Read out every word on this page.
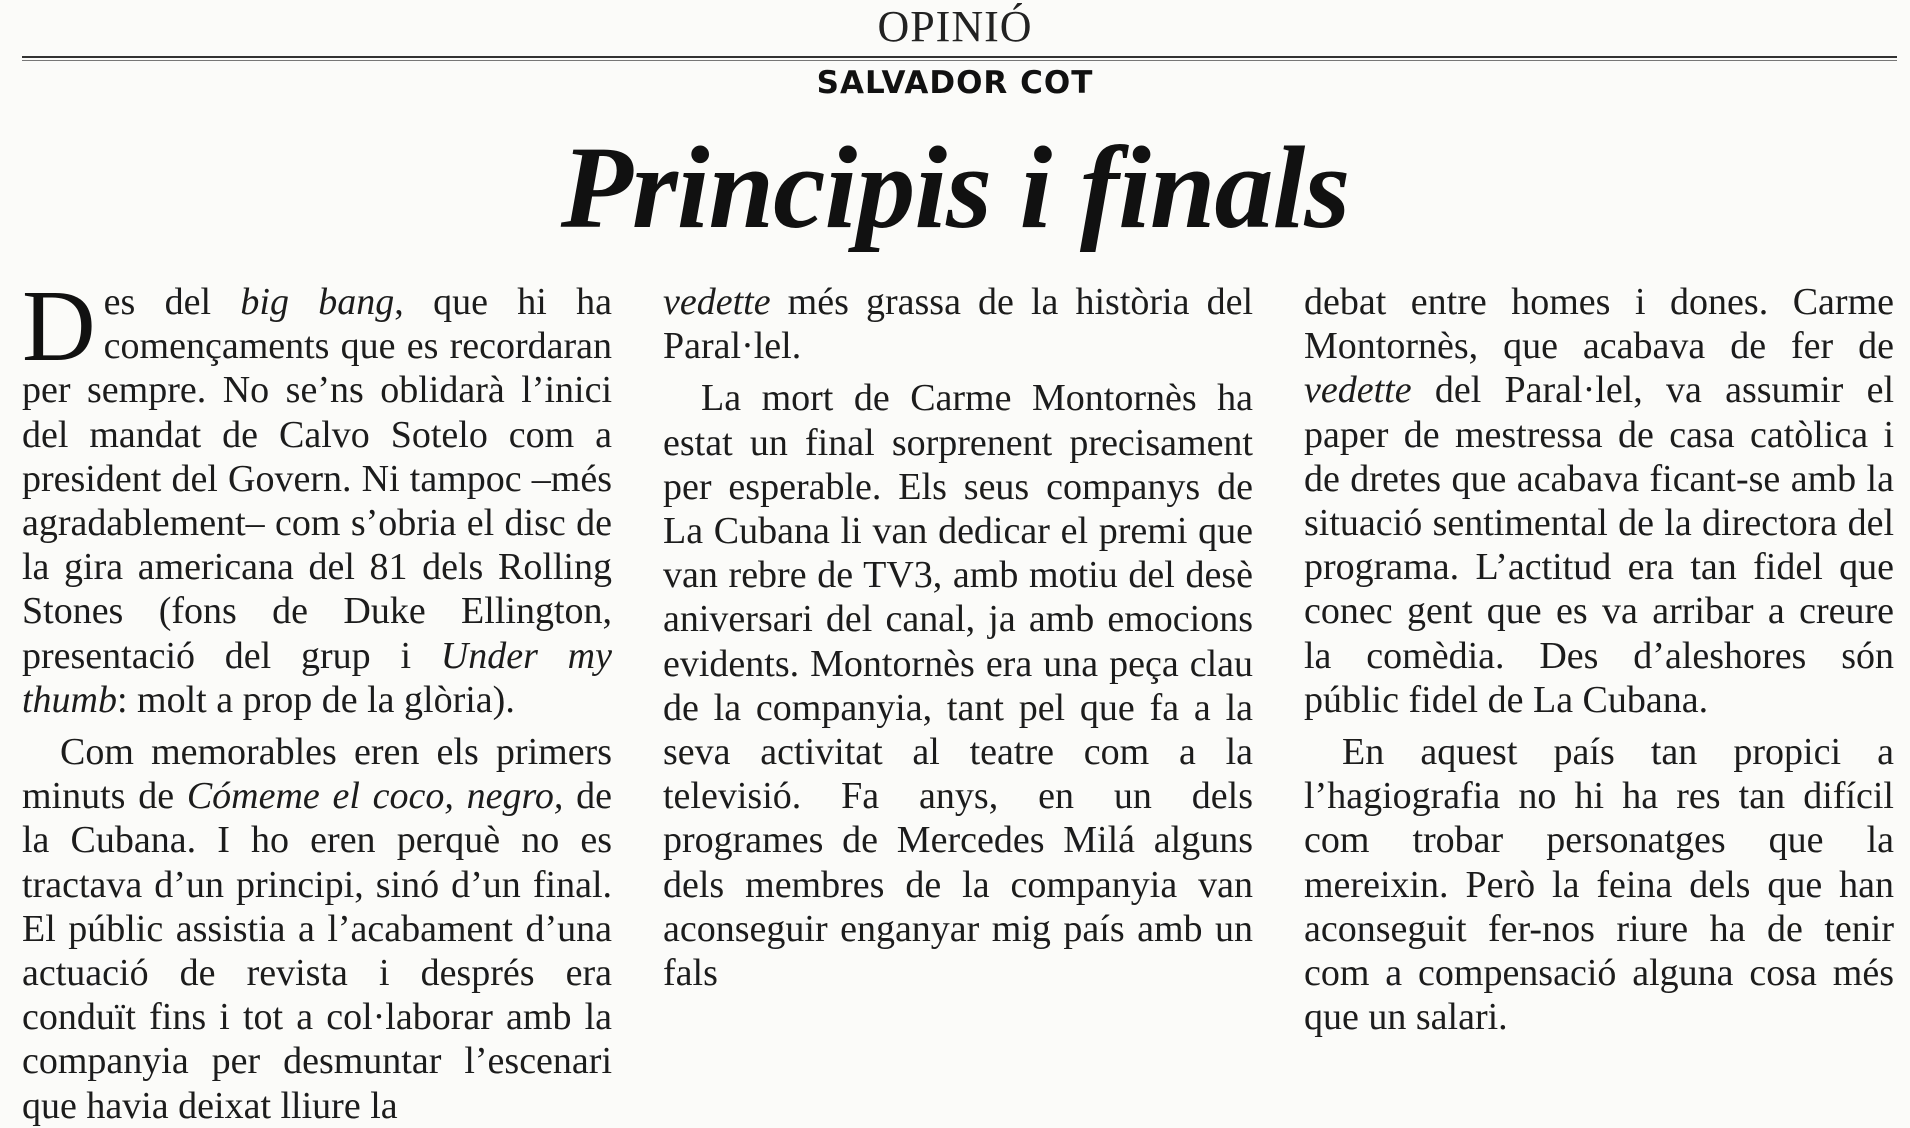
OPINIÓ
SALVADOR COT
Principis i finals

Des del big bang, que hi ha començaments que es recordaran per sempre. No se’ns oblidarà l’inici del mandat de Calvo Sotelo com a president del Govern. Ni tampoc –més agradablement– com s’obria el disc de la gira americana del 81 dels Rolling Stones (fons de Duke Ellington, presentació del grup i Under my thumb: molt a prop de la glòria).

Com memorables eren els primers minuts de Cómeme el coco, negro, de la Cubana. I ho eren perquè no es tractava d’un principi, sinó d’un final. El públic assistia a l’acabament d’una actuació de revista i després era conduït fins i tot a col·laborar amb la companyia per desmuntar l’escenari que havia deixat lliure la

vedette més grassa de la història del Paral·lel.

La mort de Carme Montornès ha estat un final sorprenent precisament per esperable. Els seus companys de La Cubana li van dedicar el premi que van rebre de TV3, amb motiu del desè aniversari del canal, ja amb emocions evidents. Montornès era una peça clau de la companyia, tant pel que fa a la seva activitat al teatre com a la televisió. Fa anys, en un dels programes de Mercedes Milá alguns dels membres de la companyia van aconseguir enganyar mig país amb un fals

debat entre homes i dones. Carme Montornès, que acabava de fer de vedette del Paral·lel, va assumir el paper de mestressa de casa catòlica i de dretes que acabava ficant-se amb la situació sentimental de la directora del programa. L’actitud era tan fidel que conec gent que es va arribar a creure la comèdia. Des d’aleshores són públic fidel de La Cubana.

En aquest país tan propici a l’hagiografia no hi ha res tan difícil com trobar personatges que la mereixin. Però la feina dels que han aconseguit fer-nos riure ha de tenir com a compensació alguna cosa més que un salari.
